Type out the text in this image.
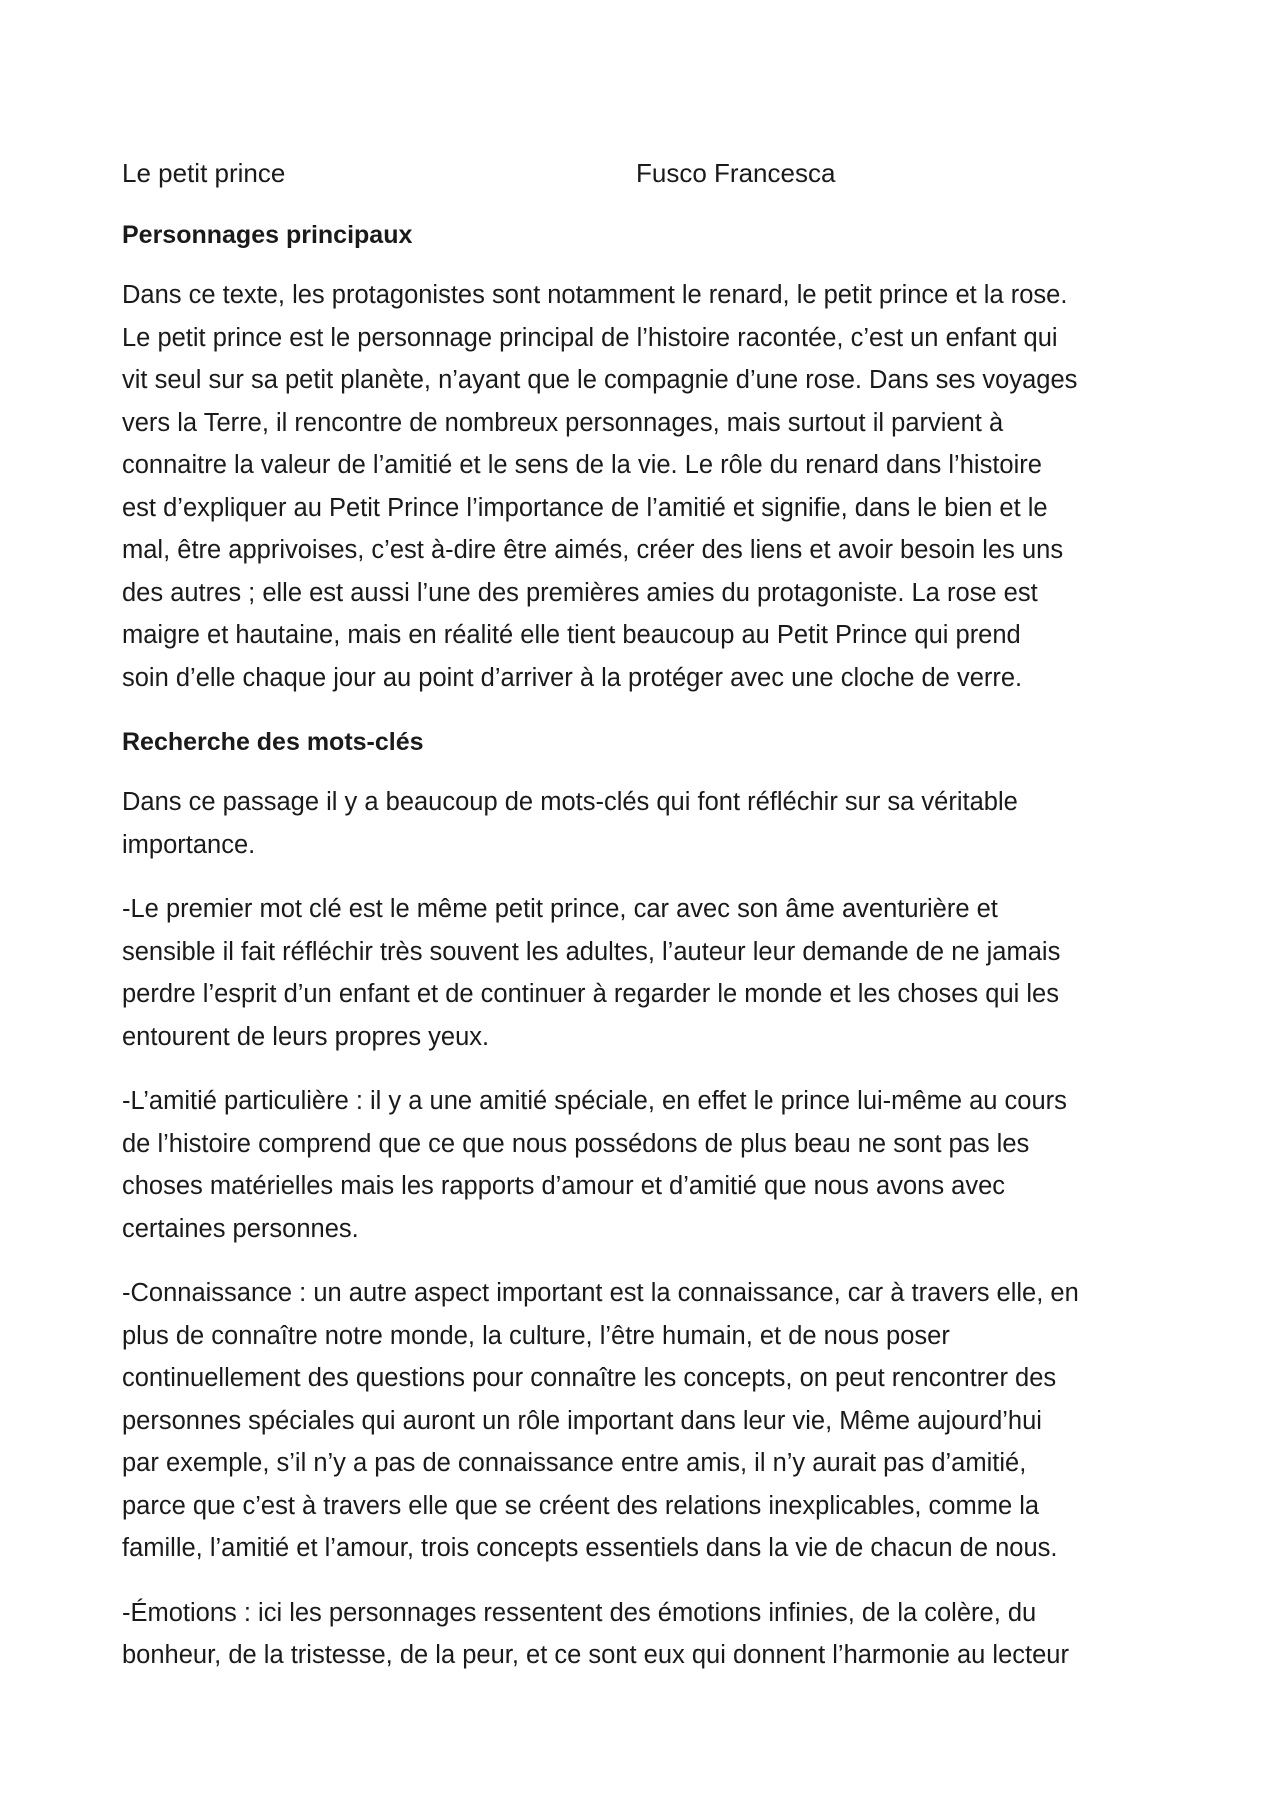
Le petit prince	Fusco Francesca
Personnages principaux
Dans ce texte, les protagonistes sont notamment le renard, le petit prince et la rose.
Le petit prince est le personnage principal de l’histoire racontée, c’est un enfant qui
vit seul sur sa petit planète, n’ayant que le compagnie d’une rose. Dans ses voyages
vers la Terre, il rencontre de nombreux personnages, mais surtout il parvient à
connaitre la valeur de l’amitié et le sens de la vie. Le rôle du renard dans l’histoire
est d’expliquer au Petit Prince l’importance de l’amitié et signifie, dans le bien et le
mal, être apprivoises, c’est à-dire être aimés, créer des liens et avoir besoin les uns
des autres ; elle est aussi l’une des premières amies du protagoniste. La rose est
maigre et hautaine, mais en réalité elle tient beaucoup au Petit Prince qui prend
soin d’elle chaque jour au point d’arriver à la protéger avec une cloche de verre.
Recherche des mots-clés
Dans ce passage il y a beaucoup de mots-clés qui font réfléchir sur sa véritable
importance.
-Le premier mot clé est le même petit prince, car avec son âme aventurière et
sensible il fait réfléchir très souvent les adultes, l’auteur leur demande de ne jamais
perdre l’esprit d’un enfant et de continuer à regarder le monde et les choses qui les
entourent de leurs propres yeux.
-L’amitié particulière : il y a une amitié spéciale, en effet le prince lui-même au cours
de l’histoire comprend que ce que nous possédons de plus beau ne sont pas les
choses matérielles mais les rapports d’amour et d’amitié que nous avons avec
certaines personnes.
-Connaissance : un autre aspect important est la connaissance, car à travers elle, en
plus de connaître notre monde, la culture, l’être humain, et de nous poser
continuellement des questions pour connaître les concepts, on peut rencontrer des
personnes spéciales qui auront un rôle important dans leur vie, Même aujourd’hui
par exemple, s’il n’y a pas de connaissance entre amis, il n’y aurait pas d’amitié,
parce que c’est à travers elle que se créent des relations inexplicables, comme la
famille, l’amitié et l’amour, trois concepts essentiels dans la vie de chacun de nous.
-Émotions : ici les personnages ressentent des émotions infinies, de la colère, du
bonheur, de la tristesse, de la peur, et ce sont eux qui donnent l’harmonie au lecteur
